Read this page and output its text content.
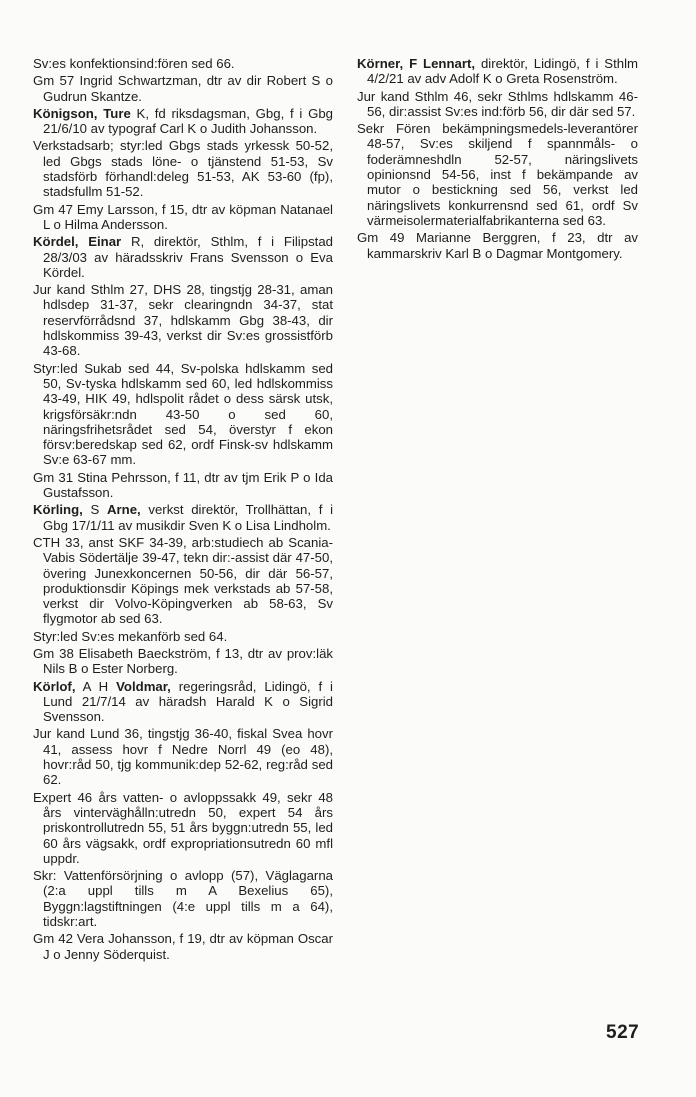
Sv:es konfektionsind:fören sed 66.

Gm 57 Ingrid Schwartzman, dtr av dir Robert S o Gudrun Skantze.

Königson, Ture K, fd riksdagsman, Gbg, f i Gbg 21/6/10 av typograf Carl K o Judith Johansson.

Verkstadsarb; styr:led Gbgs stads yrkessk 50-52, led Gbgs stads löne- o tjänstend 51-53, Sv stadsförb förhandl:deleg 51-53, AK 53-60 (fp), stadsfullm 51-52.

Gm 47 Emy Larsson, f 15, dtr av köpman Natanael L o Hilma Andersson.

Kördel, Einar R, direktör, Sthlm, f i Filipstad 28/3/03 av häradsskriv Frans Svensson o Eva Kördel.

Jur kand Sthlm 27, DHS 28, tingstjg 28-31, aman hdlsdep 31-37, sekr clearingndn 34-37, stat reservförrådsnd 37, hdlskamm Gbg 38-43, dir hdlskommiss 39-43, verkst dir Sv:es grossistförb 43-68.

Styr:led Sukab sed 44, Sv-polska hdlskamm sed 50, Sv-tyska hdlskamm sed 60, led hdlskommiss 43-49, HIK 49, hdlspolit rådet o dess särsk utsk, krigsförsäkr:ndn 43-50 o sed 60, näringsfrihetsrådet sed 54, överstyr f ekon försv:beredskap sed 62, ordf Finsk-sv hdlskamm Sv:e 63-67 mm.

Gm 31 Stina Pehrsson, f 11, dtr av tjm Erik P o Ida Gustafsson.

Körling, S Arne, verkst direktör, Trollhättan, f i Gbg 17/1/11 av musikdir Sven K o Lisa Lindholm.

CTH 33, anst SKF 34-39, arb:studiech ab Scania-Vabis Södertälje 39-47, tekn dir:-assist där 47-50, övering Junexkoncernen 50-56, dir där 56-57, produktionsdir Köpings mek verkstads ab 57-58, verkst dir Volvo-Köpingverken ab 58-63, Sv flygmotor ab sed 63.

Styr:led Sv:es mekanförb sed 64.

Gm 38 Elisabeth Baeckström, f 13, dtr av prov:läk Nils B o Ester Norberg.

Körlof, A H Voldmar, regeringsråd, Lidingö, f i Lund 21/7/14 av häradsh Harald K o Sigrid Svensson.

Jur kand Lund 36, tingstjg 36-40, fiskal Svea hovr 41, assess hovr f Nedre Norrl 49 (eo 48), hovr:råd 50, tjg kommunik:dep 52-62, reg:råd sed 62.

Expert 46 års vatten- o avloppssakk 49, sekr 48 års vinterväghålln:utredn 50, expert 54 års priskontrollutredn 55, 51 års byggn:utredn 55, led 60 års vägsakk, ordf expropriationsutredn 60 mfl uppdr.

Skr: Vattenförsörjning o avlopp (57), Väglagarna (2:a uppl tills m A Bexelius 65), Byggn:lagstiftningen (4:e uppl tills m a 64), tidskr:art.

Gm 42 Vera Johansson, f 19, dtr av köpman Oscar J o Jenny Söderquist.

Körner, F Lennart, direktör, Lidingö, f i Sthlm 4/2/21 av adv Adolf K o Greta Rosenström.

Jur kand Sthlm 46, sekr Sthlms hdlskamm 46-56, dir:assist Sv:es ind:förb 56, dir där sed 57.

Sekr Fören bekämpningsmedels-leverantörer 48-57, Sv:es skiljend f spannmåls- o foderämneshdln 52-57, näringslivets opinionsnd 54-56, inst f bekämpande av mutor o bestickning sed 56, verkst led näringslivets konkurrensnd sed 61, ordf Sv värmeisolermaterialfabrikanterna sed 63.

Gm 49 Marianne Berggren, f 23, dtr av kammarskriv Karl B o Dagmar Montgomery.

527
